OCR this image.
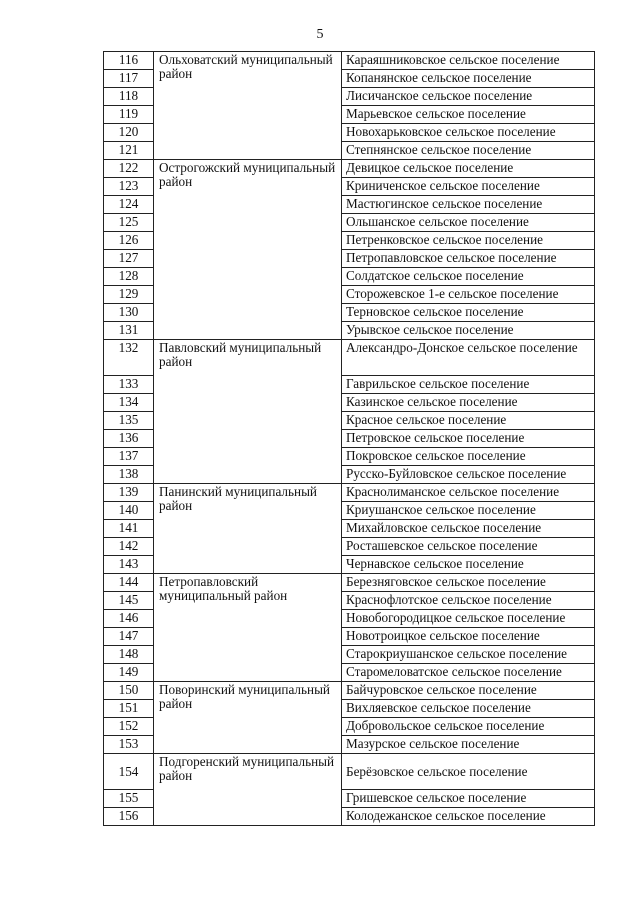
5
116	Ольховатский муниципальный район	Караяшниковское сельское поселение
117		Копанянское сельское поселение
118		Лисичанское сельское поселение
119		Марьевское сельское поселение
120		Новохарьковское сельское поселение
121		Степнянское сельское поселение
122	Острогожский муниципальный район	Девицкое сельское поселение
123		Криниченское сельское поселение
124		Мастюгинское сельское поселение
125		Ольшанское сельское поселение
126		Петренковское сельское поселение
127		Петропавловское сельское поселение
128		Солдатское сельское поселение
129		Сторожевское 1-е сельское поселение
130		Терновское сельское поселение
131		Урывское сельское поселение
132	Павловский муниципальный район	Александро-Донское сельское поселение
133		Гаврильское сельское поселение
134		Казинское сельское поселение
135		Красное сельское поселение
136		Петровское сельское поселение
137		Покровское сельское поселение
138		Русско-Буйловское сельское поселение
139	Панинский муниципальный район	Краснолиманское сельское поселение
140		Криушанское сельское поселение
141		Михайловское сельское поселение
142		Росташевское сельское поселение
143		Чернавское сельское поселение
144	Петропавловский муниципальный район	Березняговское сельское поселение
145		Краснофлотское сельское поселение
146		Новобогородицкое сельское поселение
147		Новотроицкое сельское поселение
148		Старокриушанское сельское поселение
149		Старомеловатское сельское поселение
150	Поворинский муниципальный район	Байчуровское сельское поселение
151		Вихляевское сельское поселение
152		Добровольское сельское поселение
153		Мазурское сельское поселение
154	Подгоренский муниципальный район	Берёзовское сельское поселение
155		Гришевское сельское поселение
156		Колодежанское сельское поселение
